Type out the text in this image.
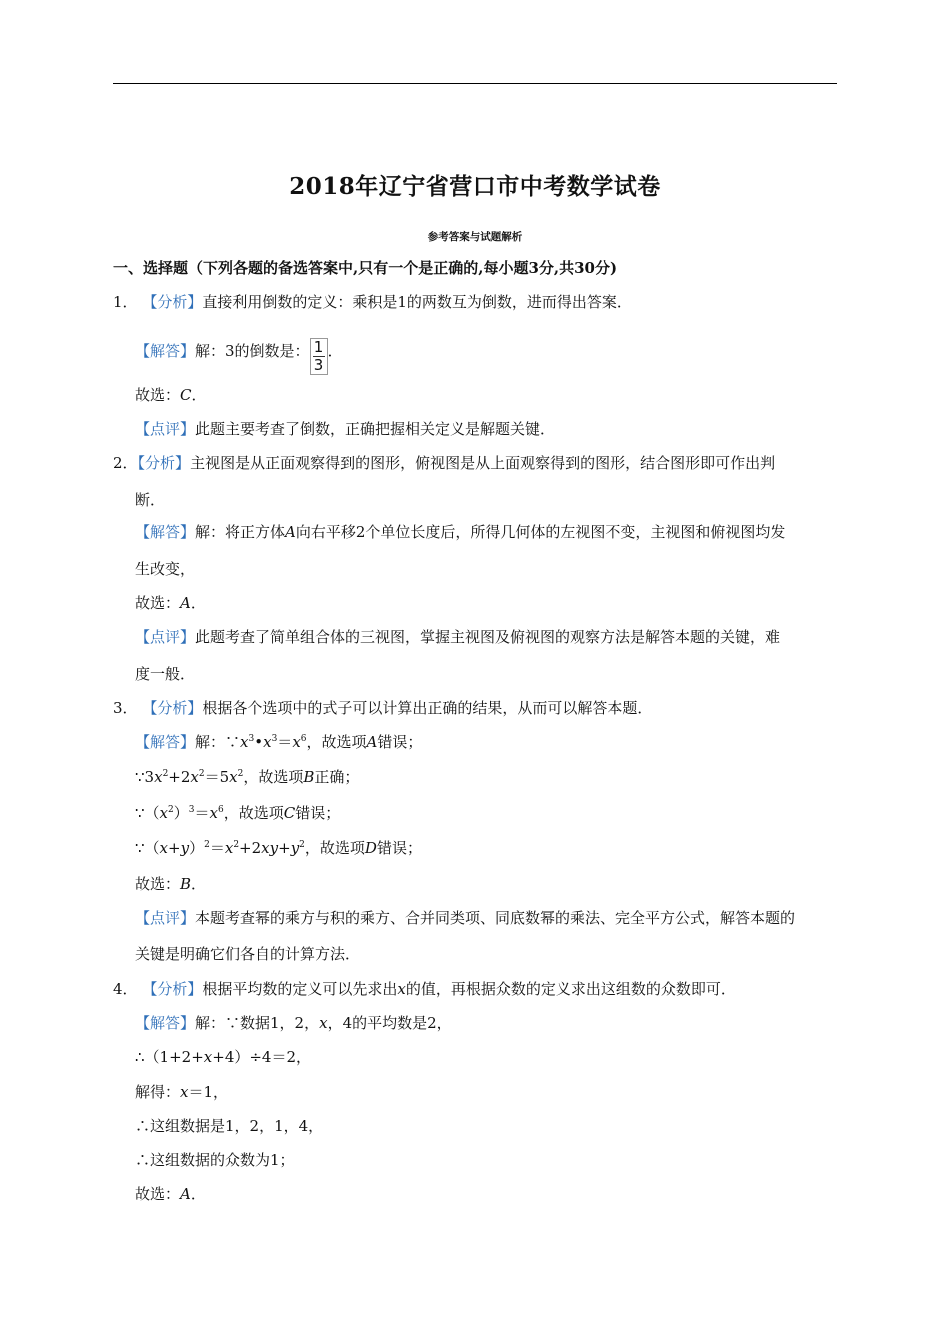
2018年辽宁省营口市中考数学试卷
参考答案与试题解析
一、选择题（下列各题的备选答案中,只有一个是正确的,每小题3分,共30分)
1． 【分析】直接利用倒数的定义：乘积是1的两数互为倒数，进而得出答案．
【解答】解：3的倒数是：$\frac{1}{3}$．
故选：C．
【点评】此题主要考查了倒数，正确把握相关定义是解题关键．
2．【分析】主视图是从正面观察得到的图形，俯视图是从上面观察得到的图形，结合图形即可作出判
断．
【解答】解：将正方体A向右平移2个单位长度后，所得几何体的左视图不变，主视图和俯视图均发
生改变，
故选：A．
【点评】此题考查了简单组合体的三视图，掌握主视图及俯视图的观察方法是解答本题的关键，难
度一般．
3． 【分析】根据各个选项中的式子可以计算出正确的结果，从而可以解答本题．
【解答】解：$\because x^3•x^3=x^6$，故选项A错误；
$\because 3x^2+2x^2=5x^2$，故选项B正确；
$\because(x^2)^3=x^6$，故选项C错误；
$\because(x+y)^2=x^2+2xy+y^2$，故选项D错误；
故选：B．
【点评】本题考查幂的乘方与积的乘方、合并同类项、同底数幂的乘法、完全平方公式，解答本题的
关键是明确它们各自的计算方法．
4． 【分析】根据平均数的定义可以先求出x的值，再根据众数的定义求出这组数的众数即可．
【解答】解：∵数据1，2，x，4的平均数是2，
∴（1+2+x+4）÷4＝2，
解得：x＝1，
∴这组数据是1，2，1，4，
∴这组数据的众数为1；
故选：A．
